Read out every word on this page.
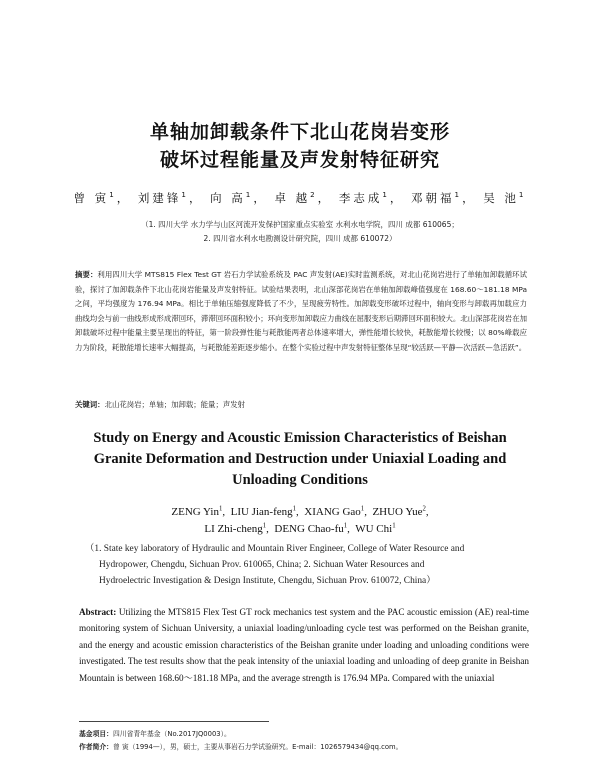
单轴加卸载条件下北山花岗岩变形
破坏过程能量及声发射特征研究
曾 寅$^1$， 刘建锋$^1$， 向 高$^1$， 卓 越$^2$， 李志成$^1$， 邓朝福$^1$， 吴 池$^1$
（1. 四川大学 水力学与山区河流开发保护国家重点实验室 水利水电学院，四川 成都 610065；
2. 四川省水利水电勘测设计研究院，四川 成都 610072）
摘要：利用四川大学 MTS815 Flex Test GT 岩石力学试验系统及 PAC 声发射(AE)实时监测系统，对北山花岗岩进行了单轴加卸载循环试验，探讨了加卸载条件下北山花岗岩能量及声发射特征。试验结果表明，北山深部花岗岩在单轴加卸载峰值强度在 168.60～181.18 MPa 之间，平均强度为 176.94 MPa。相比于单轴压缩强度降低了不少，呈现疲劳特性。加卸载变形破坏过程中，轴向变形与卸载再加载应力曲线均会与前一曲线形成形成滞回环，滞滞回环面积较小；环向变形加卸载应力曲线在屈服变形后期滞回环面积较大。北山深部花岗岩在加卸载破坏过程中能量主要呈现出的特征，第一阶段弹性能与耗散能两者总体速率增大，弹性能增长较快，耗散能增长较慢；以 80%峰载应力为阶段，耗散能增长速率大幅提高，与耗散能差距逐步缩小。在整个实验过程中声发射特征整体呈现“较活跃—平静—次活跃—急活跃”。
关键词：北山花岗岩；单轴；加卸载；能量；声发射
Study on Energy and Acoustic Emission Characteristics of Beishan
Granite Deformation and Destruction under Uniaxial Loading and
Unloading Conditions
ZENG Yin$^1$,  LIU Jian-feng$^1$,  XIANG Gao$^1$,  ZHUO Yue$^2$,
LI Zhi-cheng$^1$,  DENG Chao-$fu^1$,  WU Chi$^1$
（1. State key laboratory of Hydraulic and Mountain River Engineer, College of Water Resource and
Hydropower, Chengdu, Sichuan Prov. 610065, China; 2. Sichuan Water Resources and
Hydroelectric Investigation & Design Institute, Chengdu, Sichuan Prov. 610072, China）
Abstract: Utilizing the MTS815 Flex Test GT rock mechanics test system and the PAC acoustic emission (AE) real-time monitoring system of Sichuan University, a uniaxial loading/unloading cycle test was performed on the Beishan granite, and the energy and acoustic emission characteristics of the Beishan granite under loading and unloading conditions were investigated. The test results show that the peak intensity of the uniaxial loading and unloading of deep granite in Beishan Mountain is between 168.60～181.18 MPa, and the average strength is 176.94 MPa. Compared with the uniaxial
基金项目：四川省青年基金（No.2017JQ0003）。
作者简介：曾 寅（1994—），男，硕士，主要从事岩石力学试验研究。E-mail：1026579434@qq.com。
